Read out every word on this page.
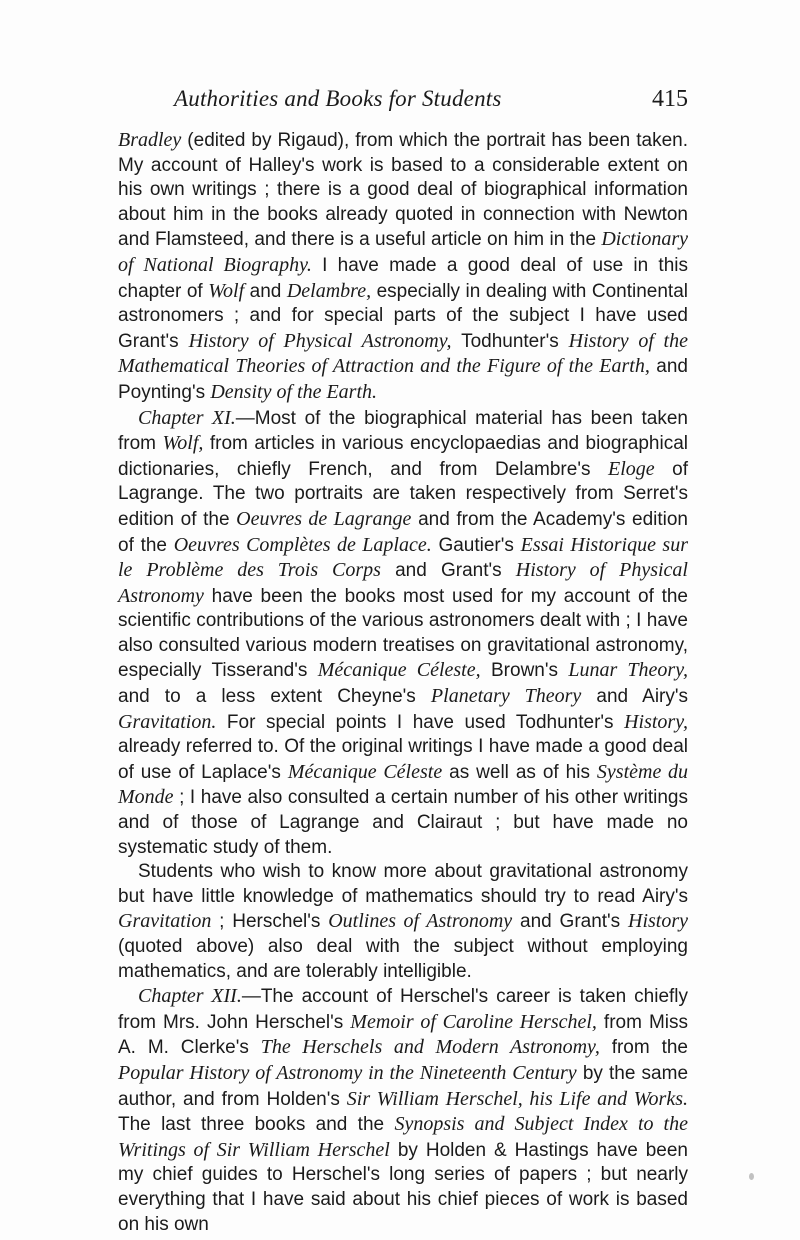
Authorities and Books for Students	415

Bradley (edited by Rigaud), from which the portrait has been taken. My account of Halley's work is based to a considerable extent on his own writings ; there is a good deal of biographical information about him in the books already quoted in connection with Newton and Flamsteed, and there is a useful article on him in the Dictionary of National Biography. I have made a good deal of use in this chapter of Wolf and Delambre, especially in dealing with Continental astronomers ; and for special parts of the subject I have used Grant's History of Physical Astronomy, Todhunter's History of the Mathematical Theories of Attraction and the Figure of the Earth, and Poynting's Density of the Earth.

Chapter XI.—Most of the biographical material has been taken from Wolf, from articles in various encyclopaedias and biographical dictionaries, chiefly French, and from Delambre's Eloge of Lagrange. The two portraits are taken respectively from Serret's edition of the Oeuvres de Lagrange and from the Academy's edition of the Oeuvres Complètes de Laplace. Gautier's Essai Historique sur le Problème des Trois Corps and Grant's History of Physical Astronomy have been the books most used for my account of the scientific contributions of the various astronomers dealt with ; I have also consulted various modern treatises on gravitational astronomy, especially Tisserand's Mécanique Céleste, Brown's Lunar Theory, and to a less extent Cheyne's Planetary Theory and Airy's Gravitation. For special points I have used Todhunter's History, already referred to. Of the original writings I have made a good deal of use of Laplace's Mécanique Céleste as well as of his Système du Monde ; I have also consulted a certain number of his other writings and of those of Lagrange and Clairaut ; but have made no systematic study of them.

Students who wish to know more about gravitational astronomy but have little knowledge of mathematics should try to read Airy's Gravitation ; Herschel's Outlines of Astronomy and Grant's History (quoted above) also deal with the subject without employing mathematics, and are tolerably intelligible.

Chapter XII.—The account of Herschel's career is taken chiefly from Mrs. John Herschel's Memoir of Caroline Herschel, from Miss A. M. Clerke's The Herschels and Modern Astronomy, from the Popular History of Astronomy in the Nineteenth Century by the same author, and from Holden's Sir William Herschel, his Life and Works. The last three books and the Synopsis and Subject Index to the Writings of Sir William Herschel by Holden & Hastings have been my chief guides to Herschel's long series of papers ; but nearly everything that I have said about his chief pieces of work is based on his own
